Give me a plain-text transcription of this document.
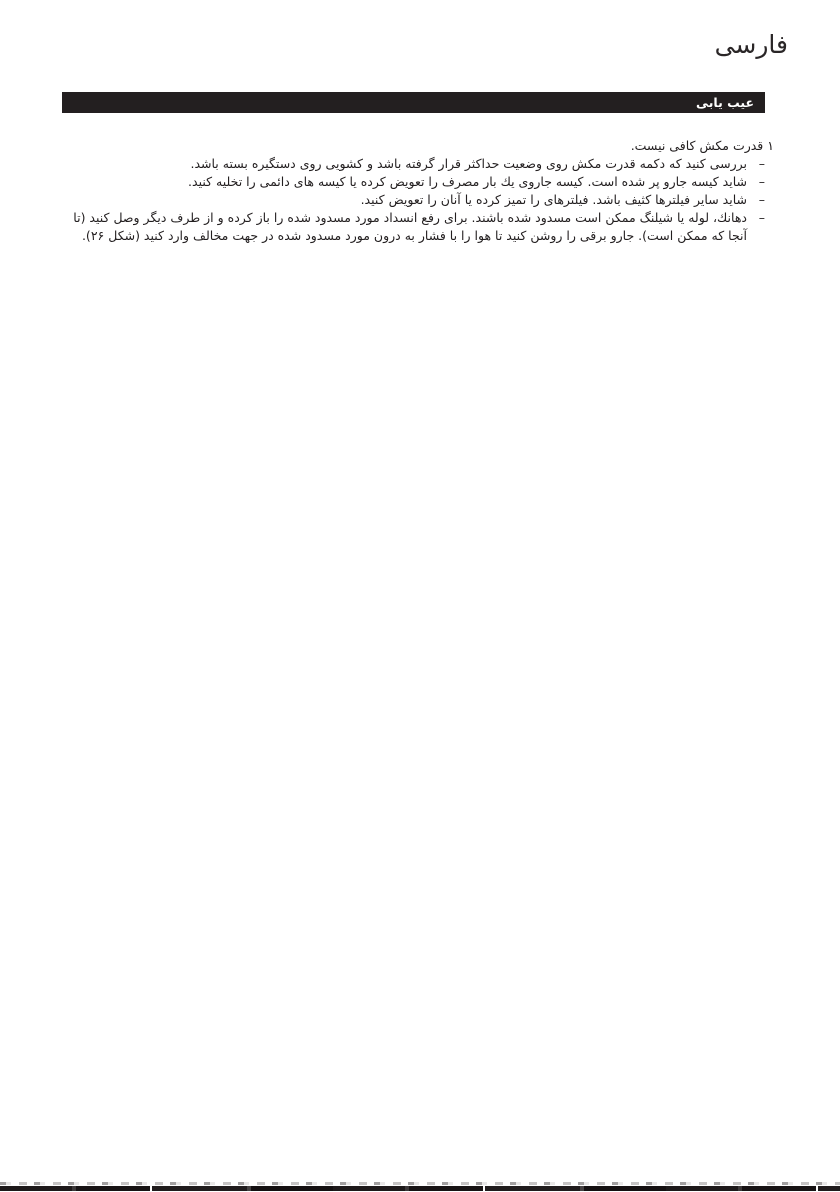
فارسی
عیب یابی
۱ قدرت مکش کافی نیست.
–
بررسی کنید که دکمه قدرت مکش روی وضعیت حداکثر قرار گرفته باشد و کشویی روی دستگیره بسته باشد.
–
شاید کیسه جارو پر شده است. کیسه جاروی یك بار مصرف را تعویض کرده یا کیسه های دائمی را تخلیه کنید.
–
شاید سایر فیلترها کثیف باشد. فیلترهای را تمیز کرده یا آنان را تعویض کنید.
–
دهانك، لوله یا شیلنگ ممکن است مسدود شده باشند. برای رفع انسداد مورد مسدود شده را باز کرده و از طرف دیگر وصل کنید (تا آنجا که ممکن است). جارو برقی را روشن کنید تا هوا را با فشار به درون مورد مسدود شده در جهت مخالف وارد کنید (شکل ۲۶).
